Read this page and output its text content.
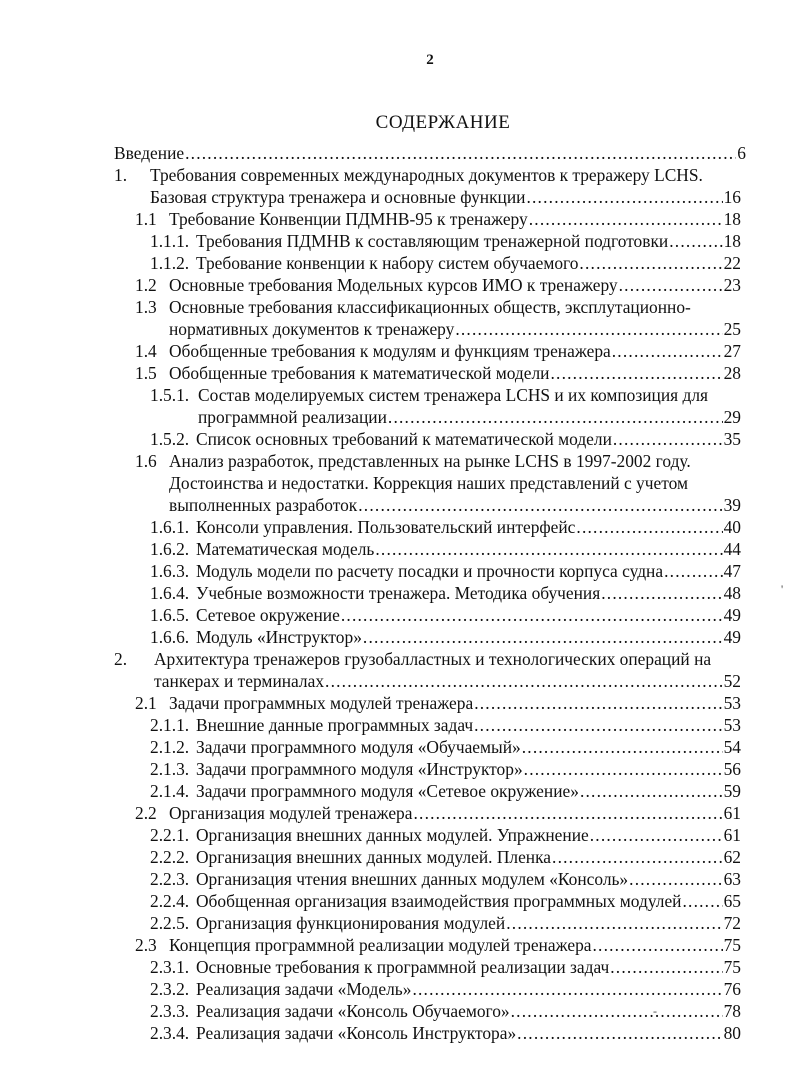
2
СОДЕРЖАНИЕ
Введение .....	6
1. Требования современных международных документов к трeражеру LCHS.
Базовая структура тренажера и основные функции .....	16
1.1 Требование Конвенции ПДМНВ-95 к тренажеру .....	18
1.1.1. Требования ПДМНВ к составляющим тренажерной подготовки .....	18
1.1.2. Требование конвенции к набору систем обучаемого .....	22
1.2 Основные требования Модельных курсов ИМО к тренажеру .....	23
1.3 Основные требования классификационных обществ, эксплутационно-
нормативных документов к тренажеру .....	25
1.4 Обобщенные требования к модулям и функциям тренажера .....	27
1.5 Обобщенные требования к математической модели .....	28
1.5.1. Состав моделируемых систем тренажера LCHS и их композиция для
программной реализации .....	29
1.5.2. Список основных требований к математической модели .....	35
1.6 Анализ разработок, представленных на рынке LCHS в 1997-2002 году.
Достоинства и недостатки. Коррекция наших представлений с учетом
выполненных разработок .....	39
1.6.1. Консоли управления. Пользовательский интерфейс .....	40
1.6.2. Математическая модель .....	44
1.6.3. Модуль модели по расчету посадки и прочности корпуса судна .....	47
1.6.4. Учебные возможности тренажера. Методика обучения .....	48
1.6.5. Сетевое окружение .....	49
1.6.6. Модуль «Инструктор» .....	49
2. Архитектура тренажеров грузобалластных и технологических операций на
танкерах и терминалах .....	52
2.1 Задачи программных модулей тренажера .....	53
2.1.1. Внешние данные программных задач .....	53
2.1.2. Задачи программного модуля «Обучаемый» .....	54
2.1.3. Задачи программного модуля «Инструктор» .....	56
2.1.4. Задачи программного модуля «Сетевое окружение» .....	59
2.2 Организация модулей тренажера .....	61
2.2.1. Организация внешних данных модулей. Упражнение .....	61
2.2.2. Организация внешних данных модулей. Пленка .....	62
2.2.3. Организация чтения внешних данных модулем «Консоль» .....	63
2.2.4. Обобщенная организация взаимодействия программных модулей ..... 65
2.2.5. Организация функционирования модулей .....	72
2.3 Концепция программной реализации модулей тренажера .....	75
2.3.1. Основные требования к программной реализации задач .....	75
2.3.2. Реализация задачи «Модель» .....	76
2.3.3. Реализация задачи «Консоль Обучаемого» .....	78
2.3.4. Реализация задачи «Консоль Инструктора» .....	80
'
-
